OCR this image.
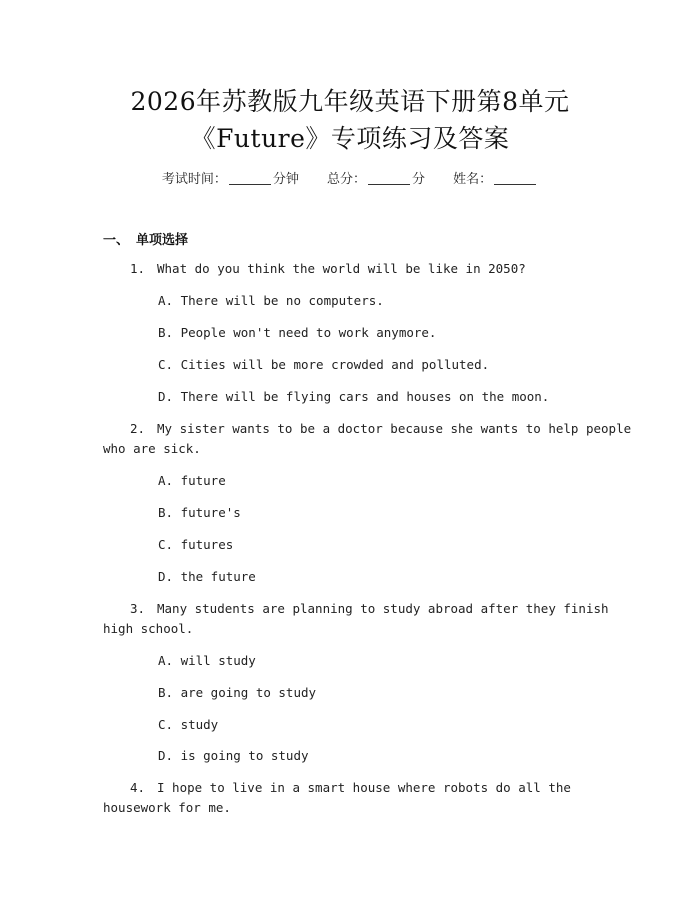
2026年苏教版九年级英语下册第8单元
《Future》专项练习及答案
考试时间：	分钟 总分：	分 姓名：
一、 单项选择
1. What do you think the world will be like in 2050?
A. There will be no computers.
B. People won't need to work anymore.
C. Cities will be more crowded and polluted.
D. There will be flying cars and houses on the moon.
2. My sister wants to be a doctor because she wants to help people
who are sick.
A. future
B. future's
C. futures
D. the future
3. Many students are planning to study abroad after they finish
high school.
A. will study
B. are going to study
C. study
D. is going to study
4. I hope to live in a smart house where robots do all the
housework for me.
